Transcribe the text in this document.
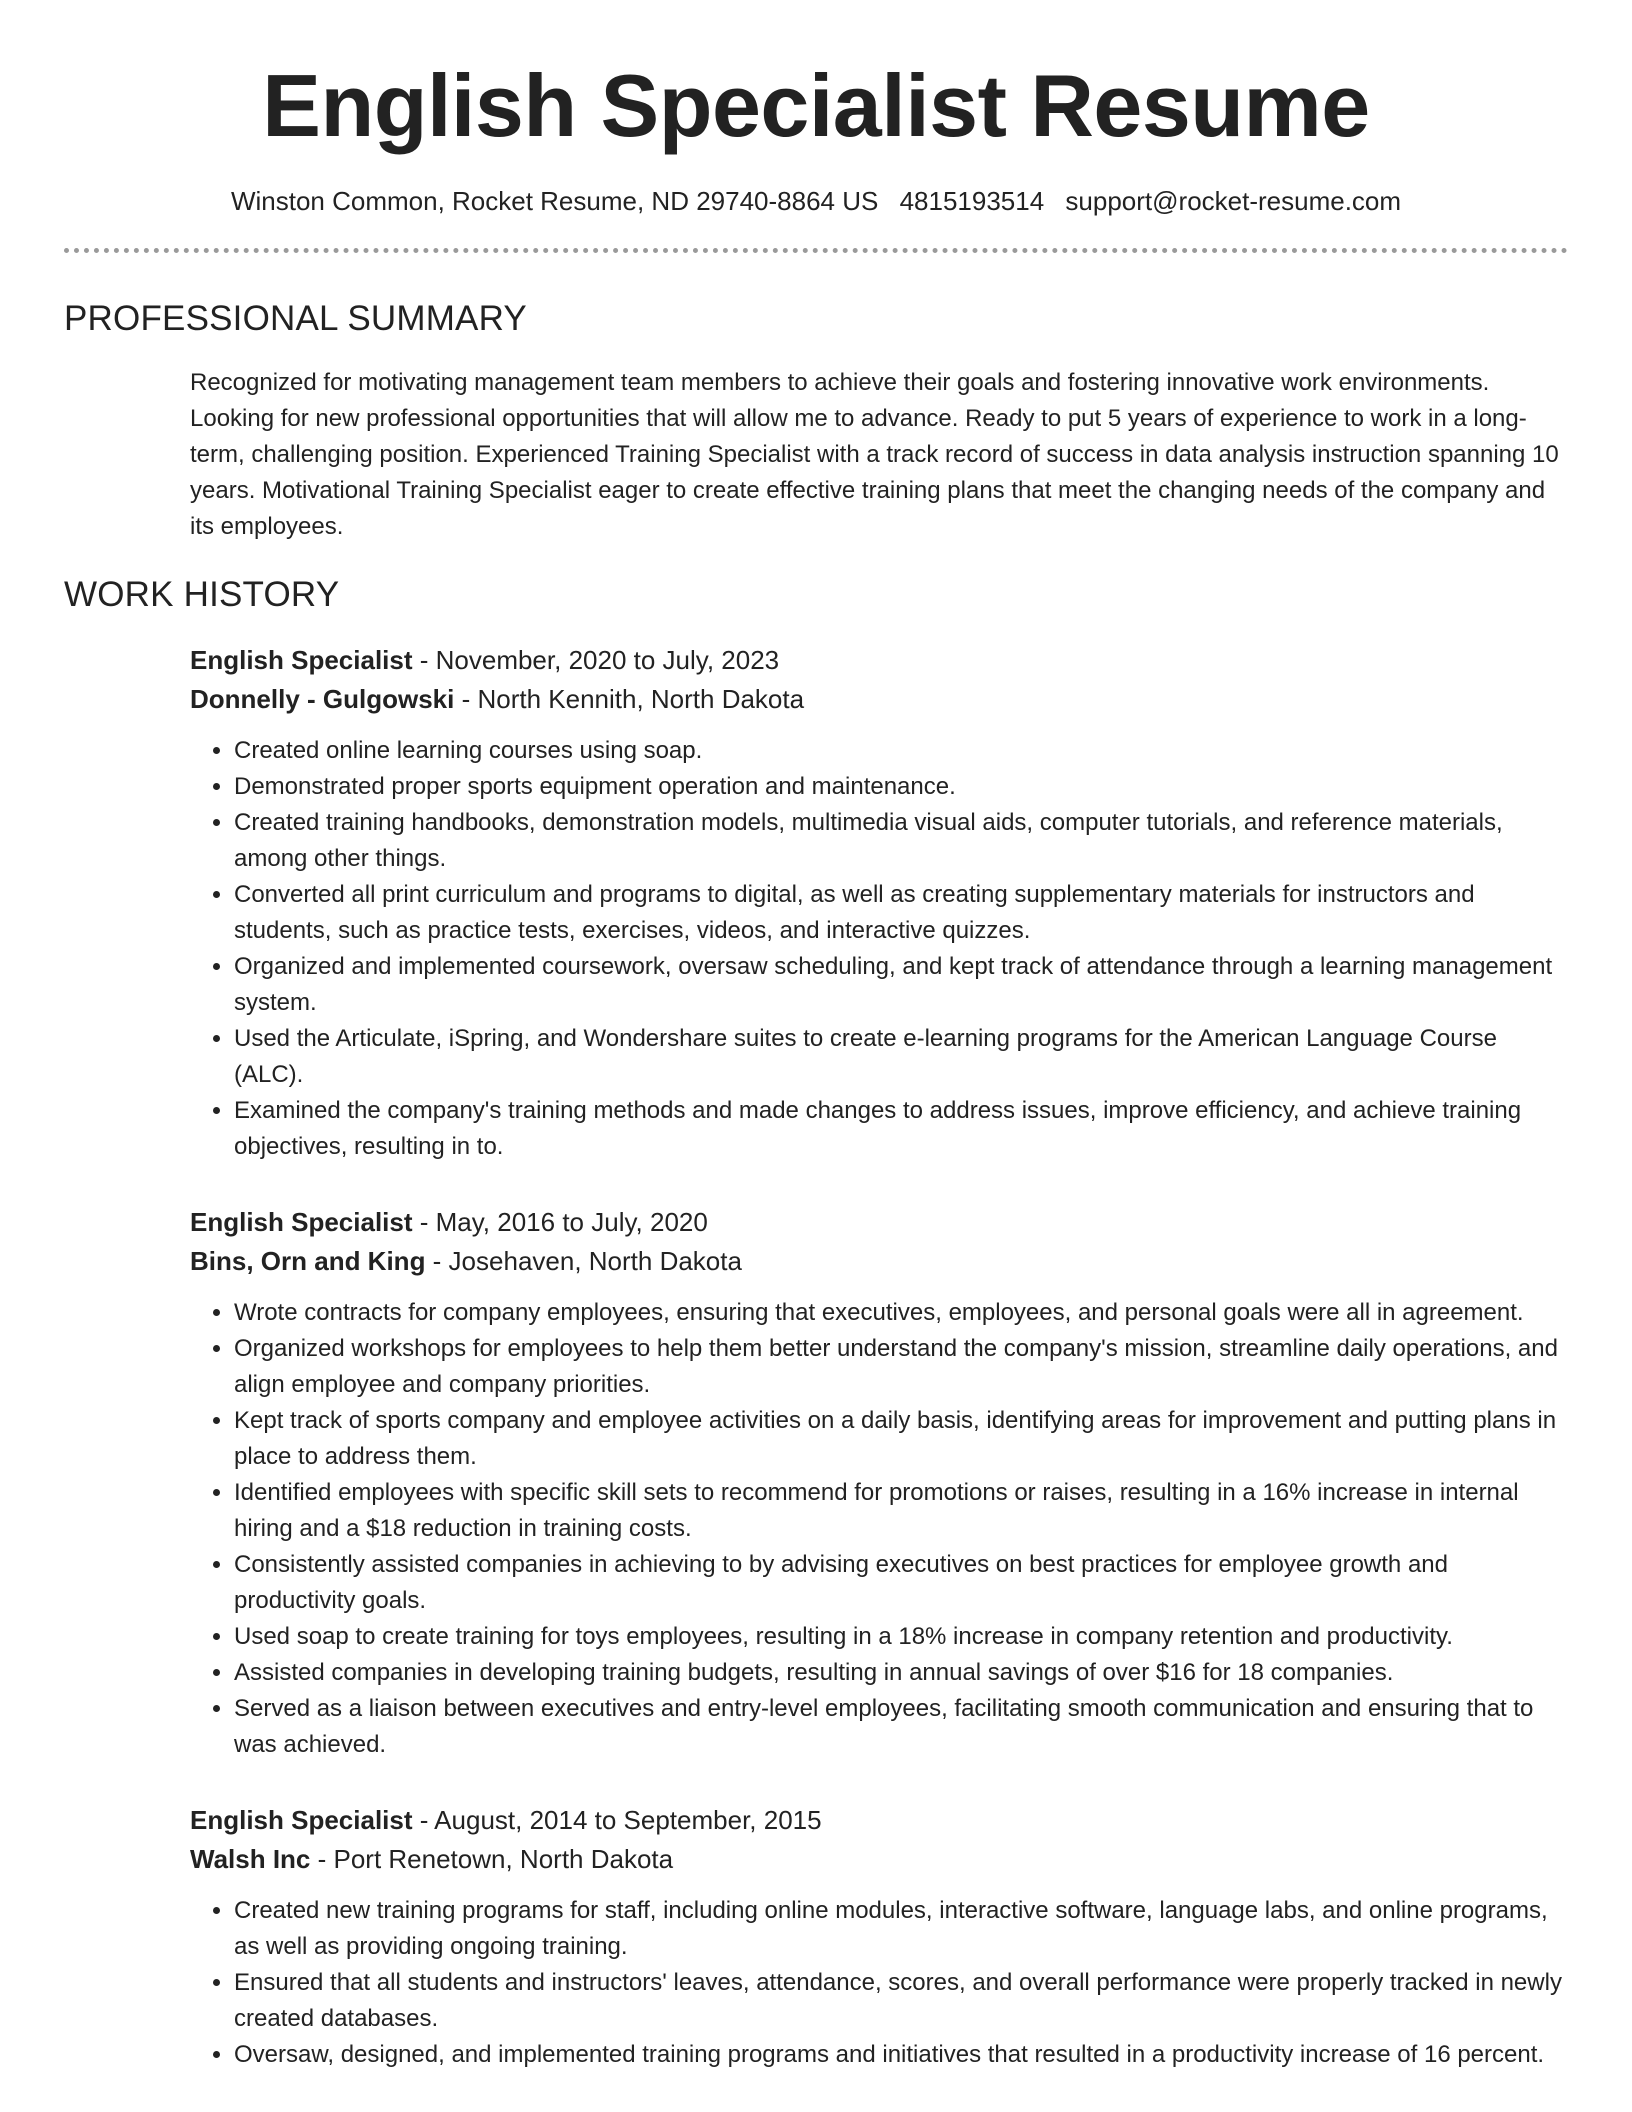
English Specialist Resume
Winston Common, Rocket Resume, ND 29740-8864 US 4815193514 support@rocket-resume.com
PROFESSIONAL SUMMARY

Recognized for motivating management team members to achieve their goals and fostering innovative work environments. Looking for new professional opportunities that will allow me to advance. Ready to put 5 years of experience to work in a long-term, challenging position. Experienced Training Specialist with a track record of success in data analysis instruction spanning 10 years. Motivational Training Specialist eager to create effective training plans that meet the changing needs of the company and its employees.

WORK HISTORY
English Specialist - November, 2020 to July, 2023
Donnelly - Gulgowski - North Kennith, North Dakota
• Created online learning courses using soap.
• Demonstrated proper sports equipment operation and maintenance.
• Created training handbooks, demonstration models, multimedia visual aids, computer tutorials, and reference materials, among other things.
• Converted all print curriculum and programs to digital, as well as creating supplementary materials for instructors and students, such as practice tests, exercises, videos, and interactive quizzes.
• Organized and implemented coursework, oversaw scheduling, and kept track of attendance through a learning management system.
• Used the Articulate, iSpring, and Wondershare suites to create e-learning programs for the American Language Course (ALC).
• Examined the company's training methods and made changes to address issues, improve efficiency, and achieve training objectives, resulting in to.
English Specialist - May, 2016 to July, 2020
Bins, Orn and King - Josehaven, North Dakota
• Wrote contracts for company employees, ensuring that executives, employees, and personal goals were all in agreement.
• Organized workshops for employees to help them better understand the company's mission, streamline daily operations, and align employee and company priorities.
• Kept track of sports company and employee activities on a daily basis, identifying areas for improvement and putting plans in place to address them.
• Identified employees with specific skill sets to recommend for promotions or raises, resulting in a 16% increase in internal hiring and a $18 reduction in training costs.
• Consistently assisted companies in achieving to by advising executives on best practices for employee growth and productivity goals.
• Used soap to create training for toys employees, resulting in a 18% increase in company retention and productivity.
• Assisted companies in developing training budgets, resulting in annual savings of over $16 for 18 companies.
• Served as a liaison between executives and entry-level employees, facilitating smooth communication and ensuring that to was achieved.
English Specialist - August, 2014 to September, 2015
Walsh Inc - Port Renetown, North Dakota
• Created new training programs for staff, including online modules, interactive software, language labs, and online programs, as well as providing ongoing training.
• Ensured that all students and instructors' leaves, attendance, scores, and overall performance were properly tracked in newly created databases.
• Oversaw, designed, and implemented training programs and initiatives that resulted in a productivity increase of 16 percent.
